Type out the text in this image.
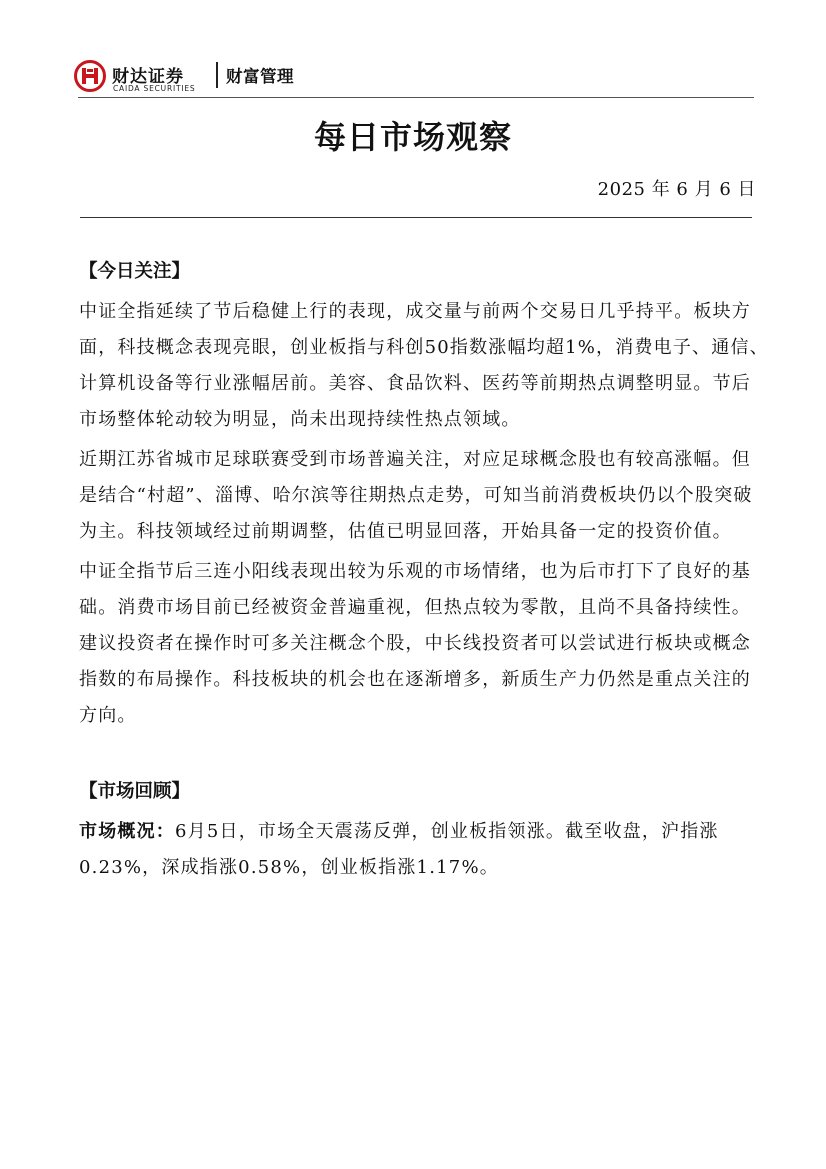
财达证券
CAIDA SECURITIES
财富管理
每日市场观察
2025 年 6 月 6 日
【今日关注】

中证全指延续了节后稳健上行的表现，成交量与前两个交易日几乎持平。板块方面，科技概念表现亮眼，创业板指与科创50指数涨幅均超1%，消费电子、通信、计算机设备等行业涨幅居前。美容、食品饮料、医药等前期热点调整明显。节后市场整体轮动较为明显，尚未出现持续性热点领域。

近期江苏省城市足球联赛受到市场普遍关注，对应足球概念股也有较高涨幅。但是结合“村超”、淄博、哈尔滨等往期热点走势，可知当前消费板块仍以个股突破为主。科技领域经过前期调整，估值已明显回落，开始具备一定的投资价值。

中证全指节后三连小阳线表现出较为乐观的市场情绪，也为后市打下了良好的基础。消费市场目前已经被资金普遍重视，但热点较为零散，且尚不具备持续性。建议投资者在操作时可多关注概念个股，中长线投资者可以尝试进行板块或概念指数的布局操作。科技板块的机会也在逐渐增多，新质生产力仍然是重点关注的方向。

【市场回顾】

市场概况：6月5日，市场全天震荡反弹，创业板指领涨。截至收盘，沪指涨0.23%，深成指涨0.58%，创业板指涨1.17%。
